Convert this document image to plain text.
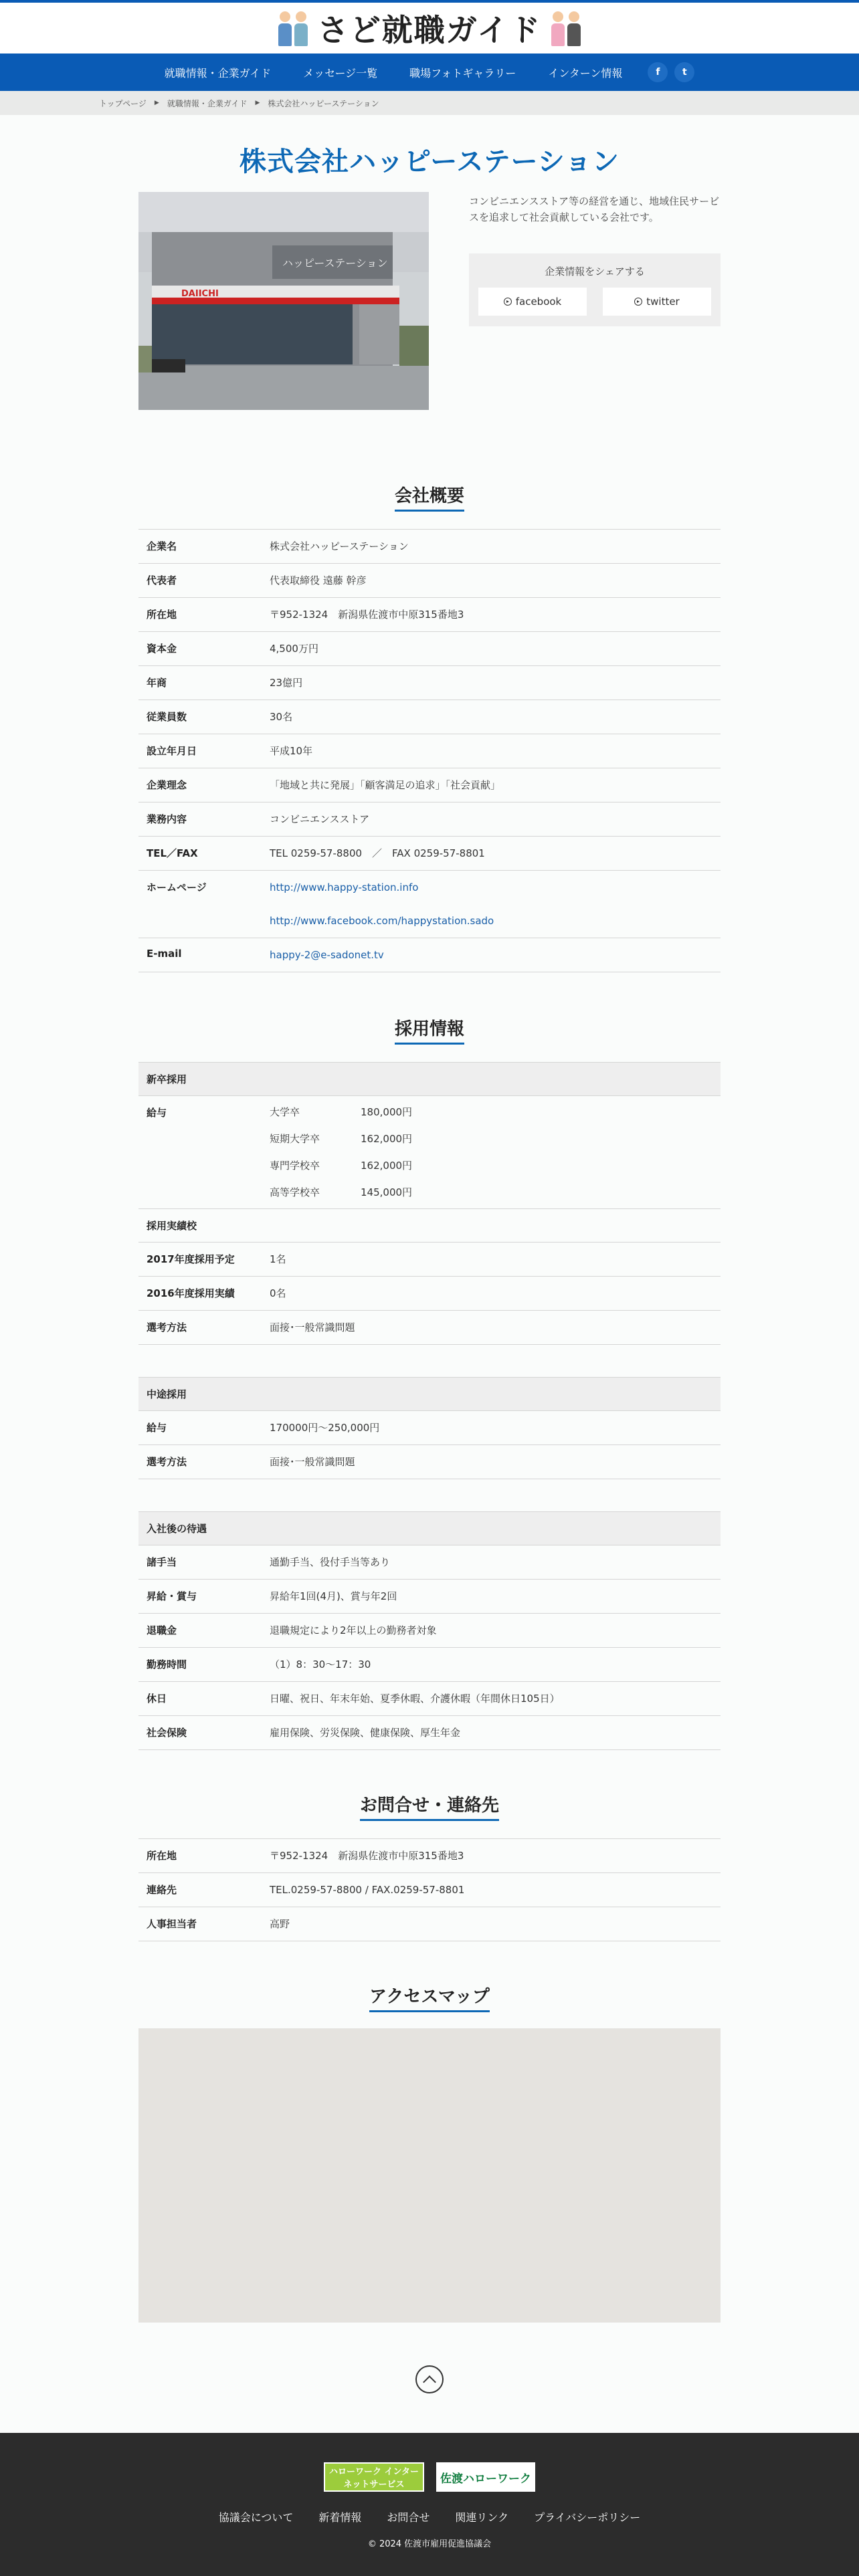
さど就職ガイド
就職情報・企業ガイド	メッセージ一覧	職場フォトギャラリー	インターン情報	f	t
トップページ ▶ 就職情報・企業ガイド ▶ 株式会社ハッピーステーション
株式会社ハッピーステーション
ハッピーステーション
DAIICHI

コンビニエンスストア等の経営を通じ、地域住民サービスを追求して社会貢献している会社です。

企業情報をシェアする
facebook	twitter
会社概要
企業名	株式会社ハッピーステーション
代表者	代表取締役 遠藤 幹彦
所在地	〒952-1324　新潟県佐渡市中原315番地3
資本金	4,500万円
年商	23億円
従業員数	30名
設立年月日	平成10年
企業理念	「地域と共に発展」「顧客満足の追求」「社会貢献」
業務内容	コンビニエンスストア
TEL／FAX	TEL 0259-57-8800　／　FAX 0259-57-8801
ホームページ	http://www.happy-station.info
http://www.facebook.com/happystation.sado
E-mail	happy-2@e-sadonet.tv
採用情報
新卒採用
給与	大学卒	180,000円
短期大学卒	162,000円
専門学校卒	162,000円
高等学校卒	145,000円
採用実績校
2017年度採用予定	1名
2016年度採用実績	0名
選考方法	面接･一般常識問題
中途採用
給与	170000円～250,000円
選考方法	面接･一般常識問題
入社後の待遇
諸手当	通勤手当、役付手当等あり
昇給・賞与	昇給年1回(4月)、賞与年2回
退職金	退職規定により2年以上の勤務者対象
勤務時間	（1）8：30〜17：30
休日	日曜、祝日、年末年始、夏季休暇、介護休暇（年間休日105日）
社会保険	雇用保険、労災保険、健康保険、厚生年金
お問合せ・連絡先
所在地	〒952-1324　新潟県佐渡市中原315番地3
連絡先	TEL.0259-57-8800 / FAX.0259-57-8801
人事担当者	高野
アクセスマップ
ハローワーク インターネットサービス	佐渡ハローワーク
協議会について 新着情報 お問合せ 関連リンク プライバシーポリシー
© 2024 佐渡市雇用促進協議会
